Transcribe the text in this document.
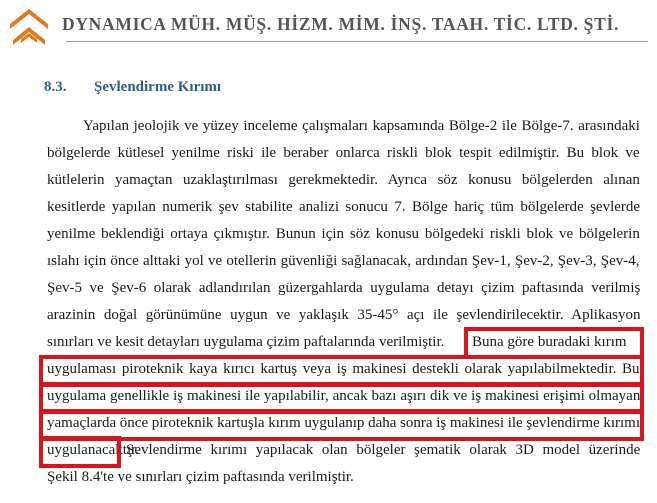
DYNAMICA MÜH. MÜŞ. HİZM. MİM. İNŞ. TAAH. TİC. LTD. ŞTİ.
8.3. Şevlendirme Kırımı
Yapılan jeolojik ve yüzey inceleme çalışmaları kapsamında Bölge-2 ile Bölge-7. arasındaki
bölgelerde kütlesel yenilme riski ile beraber onlarca riskli blok tespit edilmiştir. Bu blok ve
kütlelerin yamaçtan uzaklaştırılması gerekmektedir. Ayrıca söz konusu bölgelerden alınan
kesitlerde yapılan numerik şev stabilite analizi sonucu 7. Bölge hariç tüm bölgelerde şevlerde
yenilme beklendiği ortaya çıkmıştır. Bunun için söz konusu bölgedeki riskli blok ve bölgelerin
ıslahı için önce alttaki yol ve otellerin güvenliği sağlanacak, ardından Şev-1, Şev-2, Şev-3, Şev-4,
Şev-5 ve Şev-6 olarak adlandırılan güzergahlarda uygulama detayı çizim paftasında verilmiş
arazinin doğal görünümüne uygun ve yaklaşık 35-45° açı ile şevlendirilecektir. Aplikasyon
sınırları ve kesit detayları uygulama çizim paftalarında verilmiştir. Buna göre buradaki kırım
uygulaması piroteknik kaya kırıcı kartuş veya iş makinesi destekli olarak yapılabilmektedir. Bu
uygulama genellikle iş makinesi ile yapılabilir, ancak bazı aşırı dik ve iş makinesi erişimi olmayan
yamaçlarda önce piroteknik kartuşla kırım uygulanıp daha sonra iş makinesi ile şevlendirme kırımı
uygulanacaktır.
Şevlendirme kırımı yapılacak olan bölgeler şematik olarak 3D model üzerinde
Şekil 8.4'te ve sınırları çizim paftasında verilmiştir.
